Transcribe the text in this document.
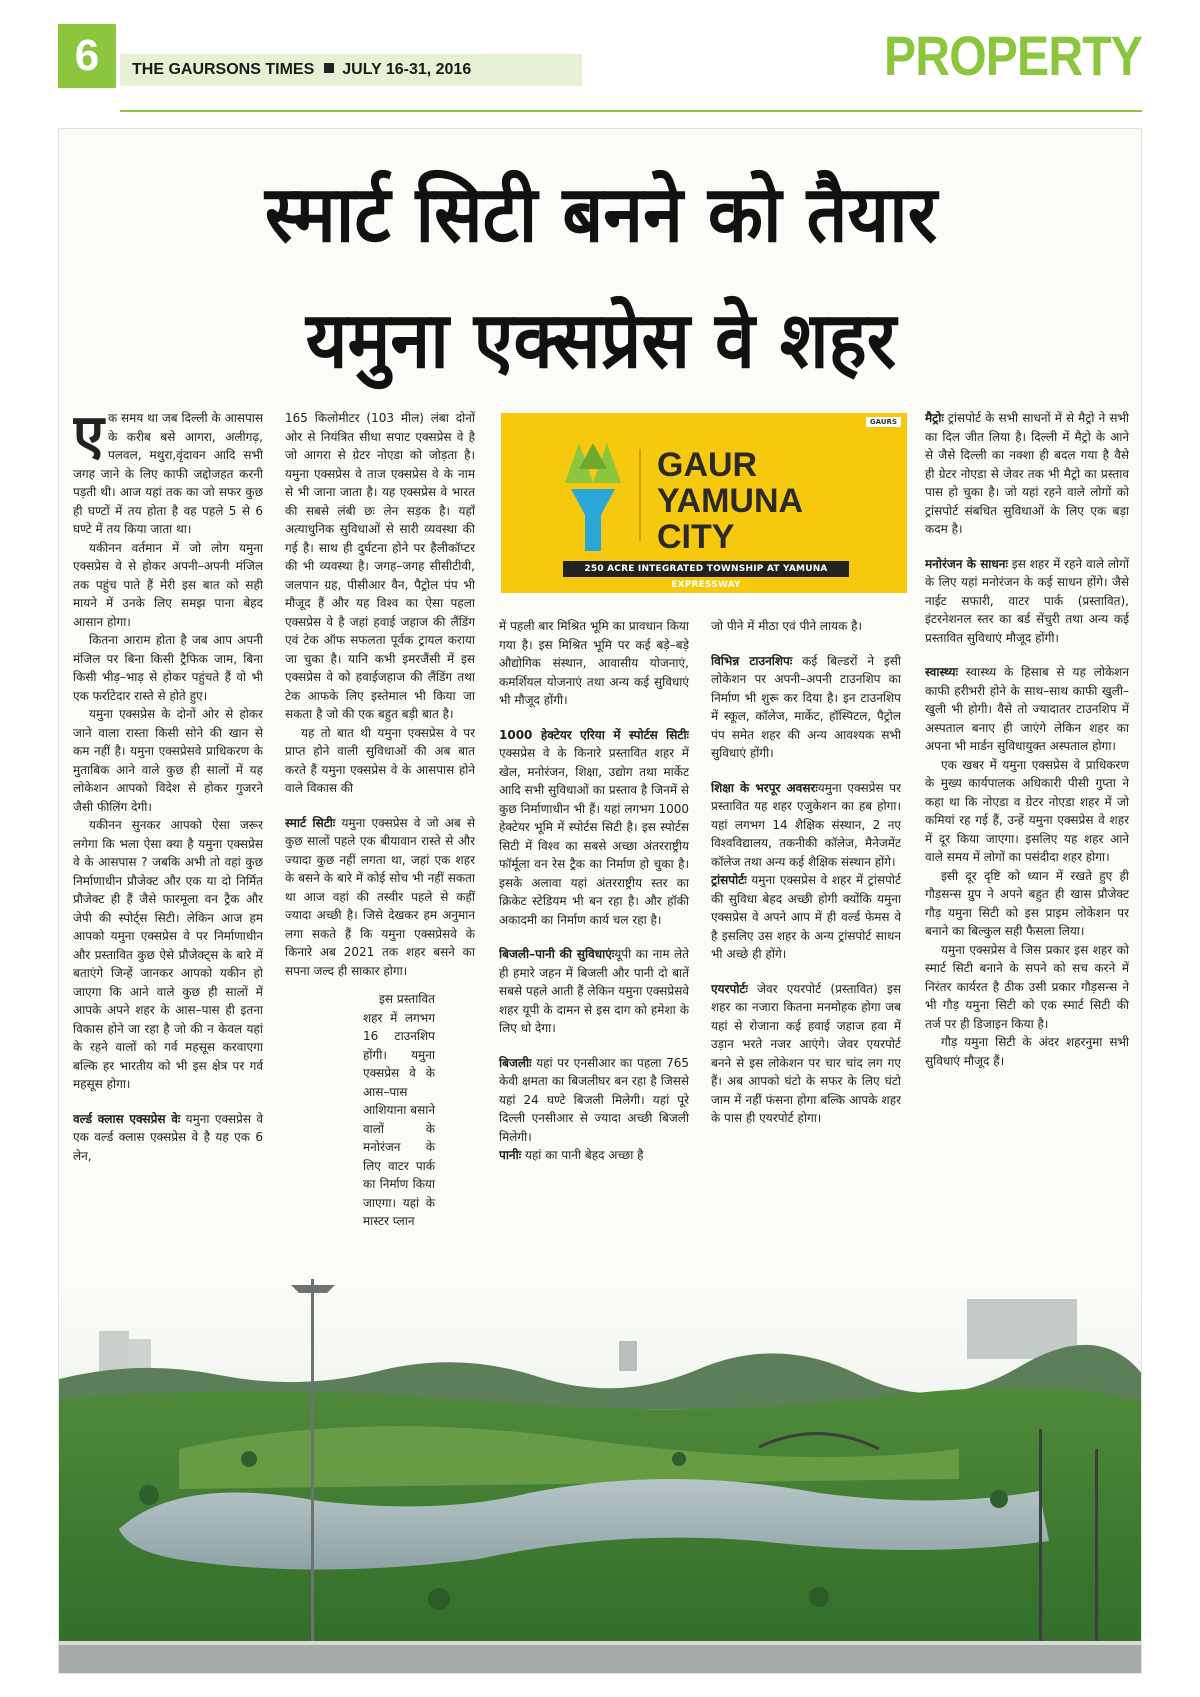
6	THE GAURSONS TIMES JULY 16-31, 2016	PROPERTY
स्मार्ट सिटी बनने को तैयार
यमुना एक्सप्रेस वे शहर

एक समय था जब दिल्ली के आसपास के करीब बसे आगरा, अलीगढ़, पलवल, मथुरा,वृंदावन आदि सभी जगह जाने के लिए काफी जद्दोजहत करनी पड़ती थी। आज यहां तक का जो सफर कुछ ही घण्टों में तय होता है वह पहले 5 से 6 घण्टे में तय किया जाता था।

यकीनन वर्तमान में जो लोग यमुना एक्सप्रेस वे से होकर अपनी–अपनी मंजिल तक पहुंच पाते हैं मेरी इस बात को सही मायने में उनके लिए समझ पाना बेहद आसान होगा।

कितना आराम होता है जब आप अपनी मंजिल पर बिना किसी ट्रैफिक जाम, बिना किसी भीड़–भाड़ से होकर पहुंचते हैं वो भी एक फर्राटेदार रास्ते से होते हुए।

यमुना एक्सप्रेस के दोनों ओर से होकर जाने वाला रास्ता किसी सोने की खान से कम नहीं है। यमुना एक्सप्रेसवे प्राधिकरण के मुताबिक आने वाले कुछ ही सालों में यह लोकेशन आपको विदेश से होकर गुजरने जैसी फीलिंग देगी।

यकीनन सुनकर आपको ऐसा जरूर लगेगा कि भला ऐसा क्या है यमुना एक्सप्रेस वे के आसपास ? जबकि अभी तो वहां कुछ निर्माणाधीन प्रौजेक्ट और एक या दो निर्मित प्रौजेक्ट ही हैं जैसे फारमूला वन ट्रैक और जेपी की स्पोर्ट्स सिटी। लेकिन आज हम आपको यमुना एक्सप्रेस वे पर निर्माणाधीन और प्रस्तावित कुछ ऐसे प्रौजेक्ट्स के बारे में बताएंगे जिन्हें जानकर आपको यकीन हो जाएगा कि आने वाले कुछ ही सालों में आपके अपने शहर के आस–पास ही इतना विकास होने जा रहा है जो की न केवल यहां के रहने वालों को गर्व महसूस करवाएगा बल्कि हर भारतीय को भी इस क्षेत्र पर गर्व महसूस होगा।

वर्ल्ड क्लास एक्सप्रेस वेः यमुना एक्सप्रेस वे एक वर्ल्ड क्लास एक्सप्रेस वे है यह एक 6 लेन,

165 किलोमीटर (103 मील) लंबा दोनों ओर से नियंत्रित सीधा सपाट एक्सप्रेस वे है जो आगरा से ग्रेटर नोएडा को जोड़ता है। यमुना एक्सप्रेस वे ताज एक्सप्रेस वे के नाम से भी जाना जाता है। यह एक्सप्रेस वे भारत की सबसे लंबी छः लेन सड़क है। यहाँ अत्याधुनिक सुविधाओं से सारी व्यवस्था की गई है। साथ ही दुर्घटना होने पर हैलीकॉप्टर की भी व्यवस्था है। जगह–जगह सीसीटीवी, जलपान ग्रह, पीसीआर वैन, पैट्रोल पंप भी मौजूद हैं और यह विश्व का ऐसा पहला एक्सप्रेस वे है जहां हवाई जहाज की लैंडिंग एवं टेक ऑफ सफलता पूर्वक ट्रायल कराया जा चुका है। यानि कभी इमरजैंसी में इस एक्सप्रेस वे को हवाईजहाज की लैंडिंग तथा टेक आफके लिए इस्तेमाल भी किया जा सकता है जो की एक बहुत बड़ी बात है।

यह तो बात थी यमुना एक्सप्रेस वे पर प्राप्त होने वाली सुविधाओं की अब बात करते हैं यमुना एक्सप्रेस वे के आसपास होने वाले विकास की

स्मार्ट सिटीः यमुना एक्सप्रेस वे जो अब से कुछ सालों पहले एक बीयावान रास्ते से और ज्यादा कुछ नहीं लगता था, जहां एक शहर के बसने के बारे में कोई सोच भी नहीं सकता था आज वहां की तस्वीर पहले से कहीं ज्यादा अच्छी है। जिसे देखकर हम अनुमान लगा सकते हैं कि यमुना एक्सप्रेसवे के किनारे अब 2021 तक शहर बसने का सपना जल्द ही साकार होगा।

इस प्रस्तावित शहर में लगभग 16 टाउनशिप होंगी। यमुना एक्सप्रेस वे के आस–पास आशियाना बसाने वालों के मनोरंजन के लिए वाटर पार्क का निर्माण किया जाएगा। यहां के मास्टर प्लान

GAURS
GAUR
YAMUNA
CITY
250 ACRE INTEGRATED TOWNSHIP AT YAMUNA EXPRESSWAY

में पहली बार मिश्रित भूमि का प्रावधान किया गया है। इस मिश्रित भूमि पर कई बड़े–बड़े औद्योगिक संस्थान, आवासीय योजनाएं, कमर्शियल योजनाएं तथा अन्य कई सुविधाएं भी मौजूद होंगी।

1000 हेक्टेयर एरिया में स्पोर्टस सिटीः एक्सप्रेस वे के किनारे प्रस्तावित शहर में खेल, मनोरंजन, शिक्षा, उद्योग तथा मार्केट आदि सभी सुविधाओं का प्रस्ताव है जिनमें से कुछ निर्माणाधीन भी हैं। यहां लगभग 1000 हेक्टेयर भूमि में स्पोर्टस सिटी है। इस स्पोर्टस सिटी में विश्व का सबसे अच्छा अंतरराष्ट्रीय फॉर्मूला वन रेस ट्रैक का निर्माण हो चुका है। इसके अलावा यहां अंतरराष्ट्रीय स्तर का क्रिकेट स्टेडियम भी बन रहा है। और हॉकी अकादमी का निर्माण कार्य चल रहा है।

बिजली–पानी की सुविधाएंःयूपी का नाम लेते ही हमारे जहन में बिजली और पानी दो बातें सबसे पहले आती हैं लेकिन यमुना एक्सप्रेसवे शहर यूपी के दामन से इस दाग को हमेशा के लिए धो देगा।

बिजलीः यहां पर एनसीआर का पहला 765 केवी क्षमता का बिजलीघर बन रहा है जिससे यहां 24 घण्टे बिजली मिलेगी। यहां पूरे दिल्ली एनसीआर से ज्यादा अच्छी बिजली मिलेगी।

पानीः यहां का पानी बेहद अच्छा है

जो पीने में मीठा एवं पीने लायक है।

विभिन्न टाउनशिपः कई बिल्डरों ने इसी लोकेशन पर अपनी–अपनी टाउनशिप का निर्माण भी शुरू कर दिया है। इन टाउनशिप में स्कूल, कॉलेज, मार्केट, हॉस्पिटल, पैट्रोल पंप समेत शहर की अन्य आवश्यक सभी सुविधाएं होंगी।

शिक्षा के भरपूर अवसरःयमुना एक्सप्रेस पर प्रस्तावित यह शहर एजुकेशन का हब होगा। यहां लगभग 14 शैक्षिक संस्थान, 2 नए विश्वविद्यालय, तकनीकी कॉलेज, मैनेजमेंट कॉलेज तथा अन्य कई शैक्षिक संस्थान होंगे।

ट्रांसपोर्टः यमुना एक्सप्रेस वे शहर में ट्रांसपोर्ट की सुविधा बेहद अच्छी होगी क्योंकि यमुना एक्सप्रेस वे अपने आप में ही वर्ल्ड फेमस वे है इसलिए उस शहर के अन्य ट्रांसपोर्ट साधन भी अच्छे ही होंगे।

एयरपोर्टः जेवर एयरपोर्ट (प्रस्तावित) इस शहर का नजारा कितना मनमोहक होगा जब यहां से रोजाना कई हवाई जहाज हवा में उड़ान भरते नजर आएंगे। जेवर एयरपोर्ट बनने से इस लोकेशन पर चार चांद लग गए हैं। अब आपको घंटो के सफर के लिए घंटो जाम में नहीं फंसना होगा बल्कि आपके शहर के पास ही एयरपोर्ट होगा।

मैट्रोः ट्रांसपोर्ट के सभी साधनों में से मैट्रो ने सभी का दिल जीत लिया है। दिल्ली में मैट्रो के आने से जैसे दिल्ली का नक्शा ही बदल गया है वैसे ही ग्रेटर नोएडा से जेवर तक भी मैट्रो का प्रस्ताव पास हो चुका है। जो यहां रहने वाले लोगों को ट्रांसपोर्ट संबधित सुविधाओं के लिए एक बड़ा कदम है।

मनोरंजन के साधनः इस शहर में रहने वाले लोगों के लिए यहां मनोरंजन के कई साधन होंगे। जैसे नाईट सफारी, वाटर पार्क (प्रस्तावित), इंटरनेशनल स्तर का बर्ड सेंचुरी तथा अन्य कई प्रस्तावित सुविधाएं मौजूद होंगी।

स्वास्थ्यः स्वास्थ्य के हिसाब से यह लोकेशन काफी हरीभरी होने के साथ–साथ काफी खुली–खुली भी होगी। वैसे तो ज्यादातर टाउनशिप में अस्पताल बनाए ही जाएंगे लेकिन शहर का अपना भी मार्डन सुविधायुक्त अस्पताल होगा।

एक खबर में यमुना एक्सप्रेस वे प्राधिकरण के मुख्य कार्यपालक अधिकारी पीसी गुप्ता ने कहा था कि नोएडा व ग्रेटर नोएडा शहर में जो कमियां रह गई हैं, उन्हें यमुना एक्सप्रेस वे शहर में दूर किया जाएगा। इसलिए यह शहर आने वाले समय में लोगों का पसंदीदा शहर होगा।

इसी दूर दृष्टि को ध्यान में रखते हुए ही गौड़सन्स ग्रुप ने अपने बहुत ही खास प्रौजेक्ट गौड़ यमुना सिटी को इस प्राइम लोकेशन पर बनाने का बिल्कुल सही फैसला लिया।

यमुना एक्सप्रेस वे जिस प्रकार इस शहर को स्मार्ट सिटी बनाने के सपने को सच करने में निरंतर कार्यरत है ठीक उसी प्रकार गौड़सन्स ने भी गौड़ यमुना सिटी को एक स्मार्ट सिटी की तर्ज पर ही डिजाइन किया है।

गौड़ यमुना सिटी के अंदर शहरनुमा सभी सुविधाएं मौजूद हैं।
